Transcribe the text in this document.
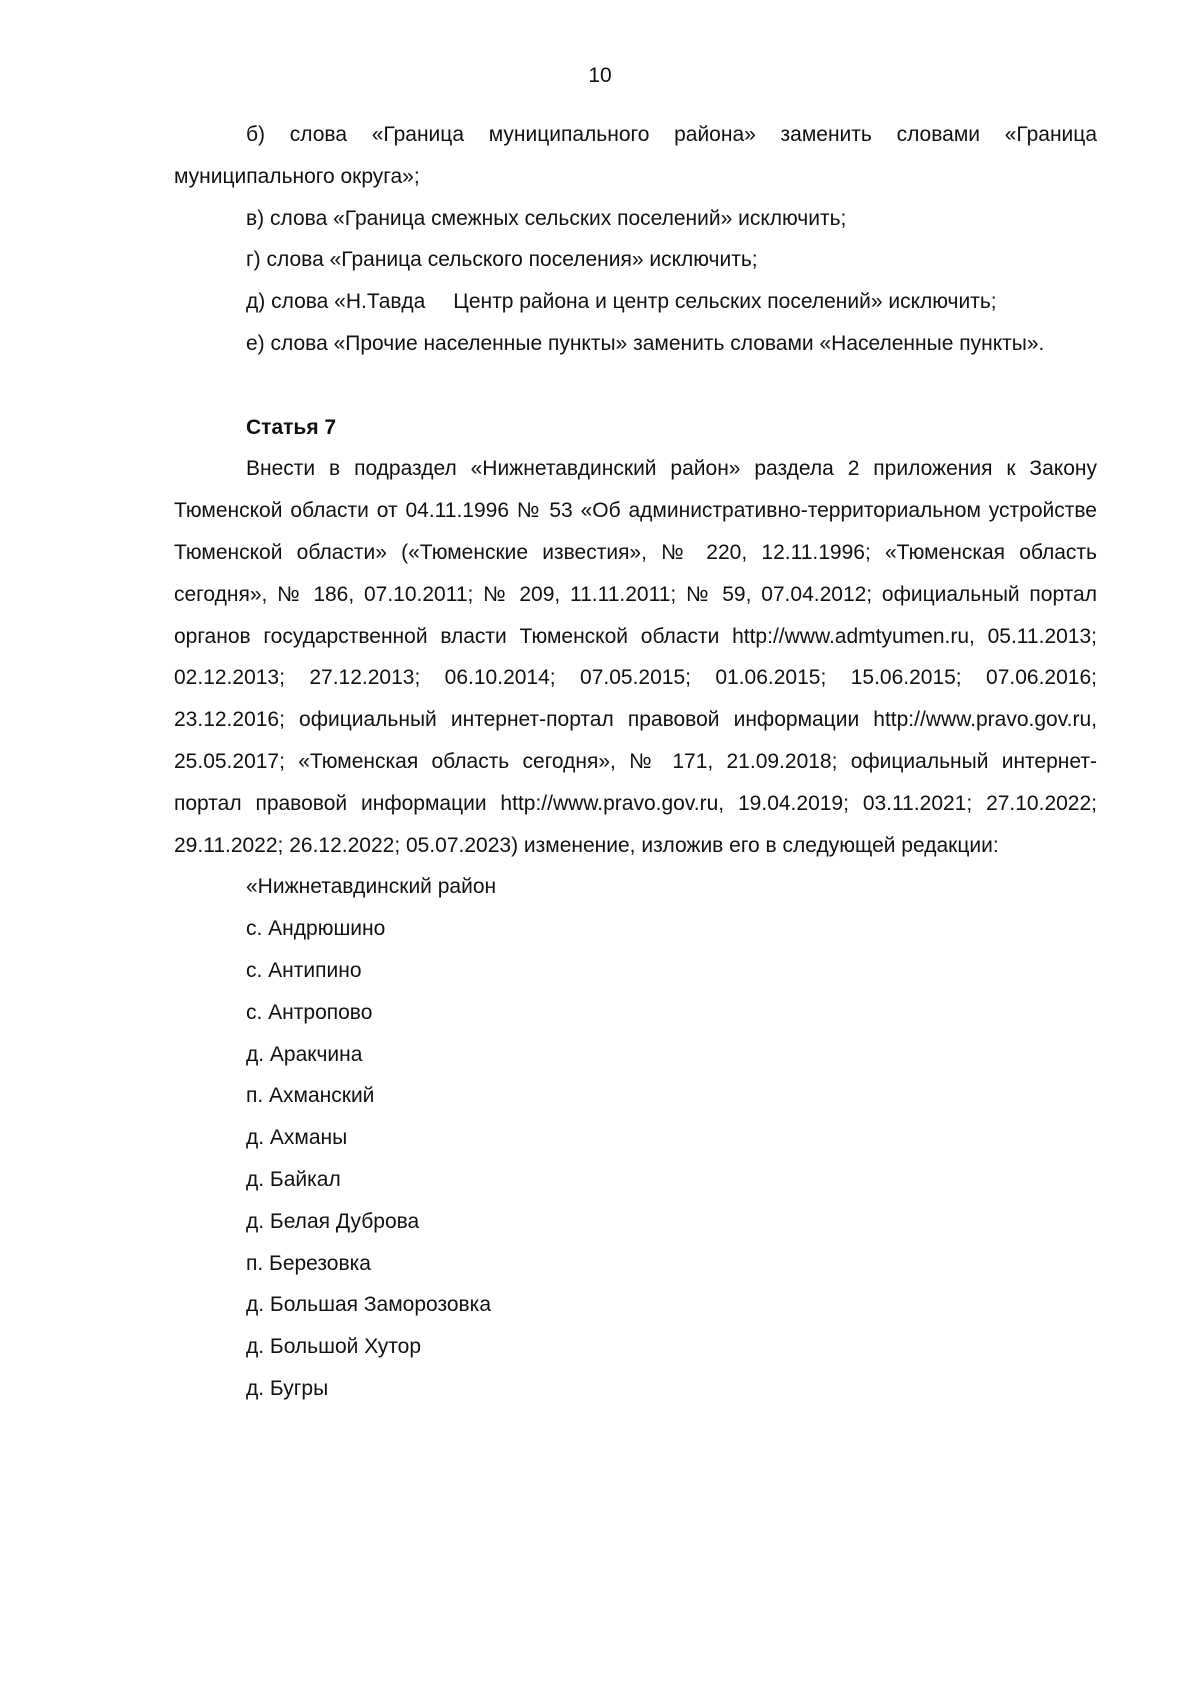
10

б) слова «Граница муниципального района» заменить словами «Граница муниципального округа»;

в) слова «Граница смежных сельских поселений» исключить;

г) слова «Граница сельского поселения» исключить;

д) слова «Н.Тавда Центр района и центр сельских поселений» исключить;

е) слова «Прочие населенные пункты» заменить словами «Населенные пункты».

Статья 7

Внести в подраздел «Нижнетавдинский район» раздела 2 приложения к Закону Тюменской области от 04.11.1996 № 53 «Об административно-территориальном устройстве Тюменской области» («Тюменские известия», № 220, 12.11.1996; «Тюменская область сегодня», № 186, 07.10.2011; № 209, 11.11.2011; № 59, 07.04.2012; официальный портал органов государственной власти Тюменской области http://www.admtyumen.ru, 05.11.2013; 02.12.2013; 27.12.2013; 06.10.2014; 07.05.2015; 01.06.2015; 15.06.2015; 07.06.2016; 23.12.2016; официальный интернет-портал правовой информации http://www.pravo.gov.ru, 25.05.2017; «Тюменская область сегодня», № 171, 21.09.2018; официальный интернет-портал правовой информации http://www.pravo.gov.ru, 19.04.2019; 03.11.2021; 27.10.2022; 29.11.2022; 26.12.2022; 05.07.2023) изменение, изложив его в следующей редакции:

«Нижнетавдинский район

с. Андрюшино

с. Антипино

с. Антропово

д. Аракчина

п. Ахманский

д. Ахманы

д. Байкал

д. Белая Дуброва

п. Березовка

д. Большая Заморозовка

д. Большой Хутор

д. Бугры
